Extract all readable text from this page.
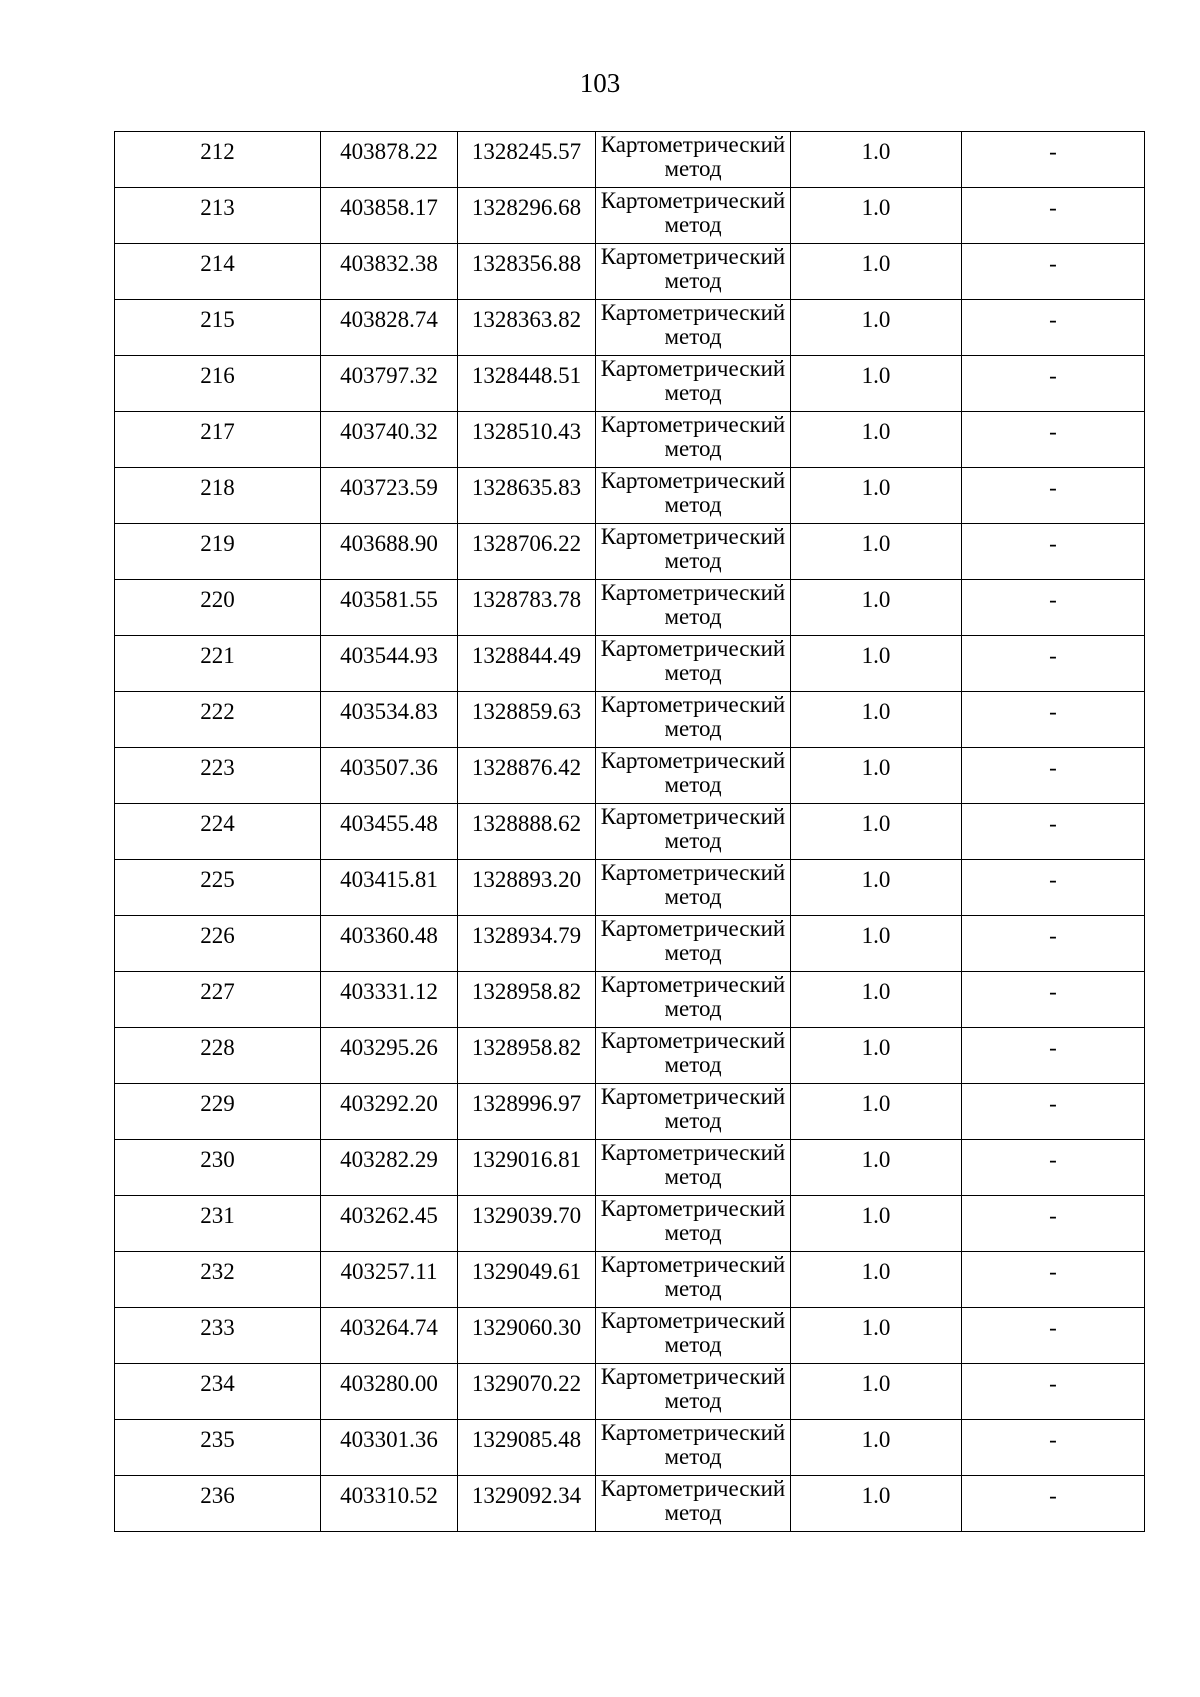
103
212	403878.22	1328245.57	Картометрический метод	1.0	-

213	403858.17	1328296.68	Картометрический метод	1.0	-

214	403832.38	1328356.88	Картометрический метод	1.0	-

215	403828.74	1328363.82	Картометрический метод	1.0	-

216	403797.32	1328448.51	Картометрический метод	1.0	-

217	403740.32	1328510.43	Картометрический метод	1.0	-

218	403723.59	1328635.83	Картометрический метод	1.0	-

219	403688.90	1328706.22	Картометрический метод	1.0	-

220	403581.55	1328783.78	Картометрический метод	1.0	-

221	403544.93	1328844.49	Картометрический метод	1.0	-

222	403534.83	1328859.63	Картометрический метод	1.0	-

223	403507.36	1328876.42	Картометрический метод	1.0	-

224	403455.48	1328888.62	Картометрический метод	1.0	-

225	403415.81	1328893.20	Картометрический метод	1.0	-

226	403360.48	1328934.79	Картометрический метод	1.0	-

227	403331.12	1328958.82	Картометрический метод	1.0	-

228	403295.26	1328958.82	Картометрический метод	1.0	-

229	403292.20	1328996.97	Картометрический метод	1.0	-

230	403282.29	1329016.81	Картометрический метод	1.0	-

231	403262.45	1329039.70	Картометрический метод	1.0	-

232	403257.11	1329049.61	Картометрический метод	1.0	-

233	403264.74	1329060.30	Картометрический метод	1.0	-

234	403280.00	1329070.22	Картометрический метод	1.0	-

235	403301.36	1329085.48	Картометрический метод	1.0	-

236	403310.52	1329092.34	Картометрический метод	1.0	-
